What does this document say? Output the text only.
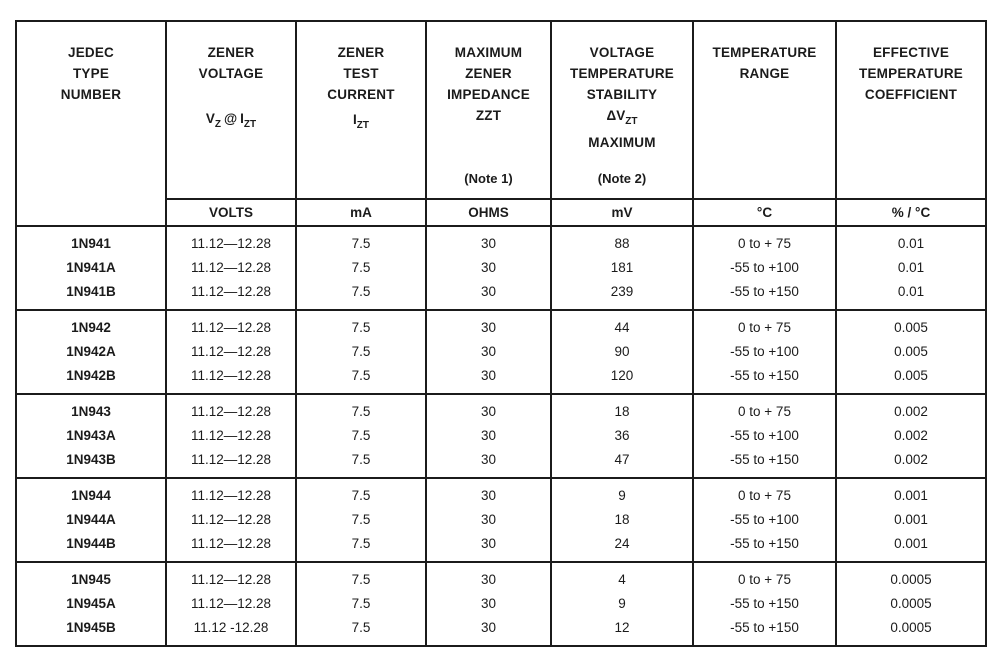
JEDEC
TYPE
NUMBER

ZENER
VOLTAGE
$V_Z$ @ $I_{ZT}$

ZENER
TEST
CURRENT
$I_{ZT}$

MAXIMUM
ZENER
IMPEDANCE
ZZT
(Note 1)

VOLTAGE
TEMPERATURE
STABILITY
$\Delta V_{ZT}$
MAXIMUM
(Note 2)

TEMPERATURE
RANGE

EFFECTIVE
TEMPERATURE
COEFFICIENT

	VOLTS	mA	OHMS	mV	°C	% / °C
1N941	11.12—12.28	7.5	30	88	0 to + 75	0.01
1N941A	11.12—12.28	7.5	30	181	-55 to +100	0.01
1N941B	11.12—12.28	7.5	30	239	-55 to +150	0.01
1N942	11.12—12.28	7.5	30	44	0 to + 75	0.005
1N942A	11.12—12.28	7.5	30	90	-55 to +100	0.005
1N942B	11.12—12.28	7.5	30	120	-55 to +150	0.005
1N943	11.12—12.28	7.5	30	18	0 to + 75	0.002
1N943A	11.12—12.28	7.5	30	36	-55 to +100	0.002
1N943B	11.12—12.28	7.5	30	47	-55 to +150	0.002
1N944	11.12—12.28	7.5	30	9	0 to + 75	0.001
1N944A	11.12—12.28	7.5	30	18	-55 to +100	0.001
1N944B	11.12—12.28	7.5	30	24	-55 to +150	0.001
1N945	11.12—12.28	7.5	30	4	0 to + 75	0.0005
1N945A	11.12—12.28	7.5	30	9	-55 to +150	0.0005
1N945B	11.12 -12.28	7.5	30	12	-55 to +150	0.0005
